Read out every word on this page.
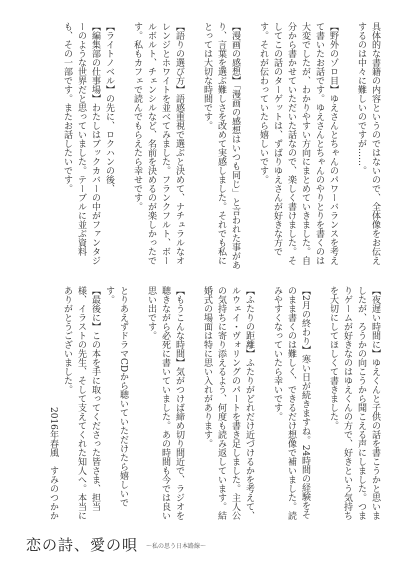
具体的な書籍の内容というのではないので、全体像をお伝えするのは中々に難しいのですが……。

【野外のゾロ目】ゆえさんとちゃんのパワーバランスを考えて書いたお話です。ゆえさんとちゃんのやりとりを書くのは大変でしたが、わかりやすい方向にまとめていきました。自分から書かせていただいた話なので、楽しく書けました。そしてこの話のターゲットは、ずばりゆえさんが好きな方です。それが伝わっていたら嬉しいです。

【漫画の感想】「漫画の感想はいつも同じ」と言われた事があり、言葉を選ぶ難しさを改めて実感しました。それでも私にとっては大切な時間です。

【語りの選び方】語感重視で選ぶと決めて、ナチュラルなオレンジとホワイトを並べてみました。フランクフルト、ボールボルト、チェンシルなど、名前を決めるのが楽しかったです。私もカフェで読んでもらえたら幸せです。

【ライトノベル】の先に、ロクハンの後、

【編集部の仕事場】わたしはブックカバーの中がファンタジーのような世界だと思っていました。テーブルに並ぶ資料も、その一部です。またお話したいです。

【夜遅い時間に】ゆえくんと子供の話を書こうかと思いましたが、ろうかの向こうから聞こえる声にしました。つまりゲームが好きなのはゆえくんの方で、好きという気持ちを大切にしてほしくて書きました。

【2月の終わり】寒い日が続きますね。24時間の経験をそのまま書くのは難しく、できるだけ想像で補いました。読みやすくなっていたら幸いです。

【ふたりの距離】ふたりがどれだけ近づけるかを考えて、ルウェイ・ヴォリングのパートを書き足しました。主人公の気持ちに寄り添えるよう、何度も読み返しています。結婚式の場面は特に思い入れがあります。

【もうこんな時間】気がつけば締め切り間近で、ラジオを聴きながら必死に書いていました。あの時間も今では良い思い出です。

とりあえずドラマCDから聴いていただけたら嬉しいです。

【最後に】この本を手に取ってくださった皆さま、担当様、イラストの先生、そして支えてくれた知人へ。本当にありがとうございました。

2016年春風　すみのつかか

恋の詩、愛の唄 〜私の思う日本路線〜
